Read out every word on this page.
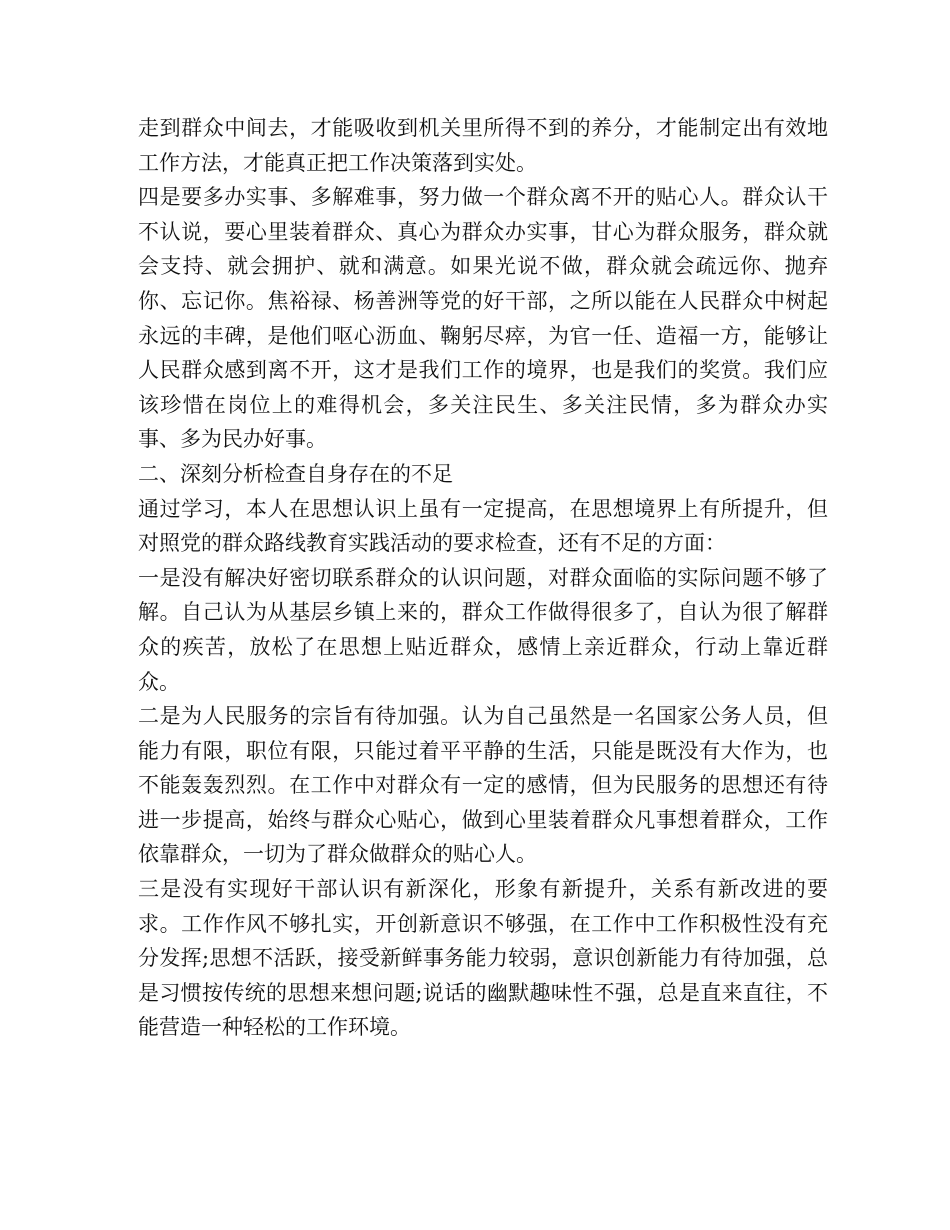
走到群众中间去，才能吸收到机关里所得不到的养分，才能制定出有效地工作方法，才能真正把工作决策落到实处。

四是要多办实事、多解难事，努力做一个群众离不开的贴心人。群众认干不认说，要心里装着群众、真心为群众办实事，甘心为群众服务，群众就会支持、就会拥护、就和满意。如果光说不做，群众就会疏远你、抛弃你、忘记你。焦裕禄、杨善洲等党的好干部，之所以能在人民群众中树起永远的丰碑，是他们呕心沥血、鞠躬尽瘁，为官一任、造福一方，能够让人民群众感到离不开，这才是我们工作的境界，也是我们的奖赏。我们应该珍惜在岗位上的难得机会，多关注民生、多关注民情，多为群众办实事、多为民办好事。

二、深刻分析检查自身存在的不足

通过学习，本人在思想认识上虽有一定提高，在思想境界上有所提升，但对照党的群众路线教育实践活动的要求检查，还有不足的方面：

一是没有解决好密切联系群众的认识问题，对群众面临的实际问题不够了解。自己认为从基层乡镇上来的，群众工作做得很多了，自认为很了解群众的疾苦，放松了在思想上贴近群众，感情上亲近群众，行动上靠近群众。

二是为人民服务的宗旨有待加强。认为自己虽然是一名国家公务人员，但能力有限，职位有限，只能过着平平静的生活，只能是既没有大作为，也不能轰轰烈烈。在工作中对群众有一定的感情，但为民服务的思想还有待进一步提高，始终与群众心贴心，做到心里装着群众凡事想着群众，工作依靠群众，一切为了群众做群众的贴心人。

三是没有实现好干部认识有新深化，形象有新提升，关系有新改进的要求。工作作风不够扎实，开创新意识不够强，在工作中工作积极性没有充分发挥;思想不活跃，接受新鲜事务能力较弱，意识创新能力有待加强，总是习惯按传统的思想来想问题;说话的幽默趣味性不强，总是直来直往，不能营造一种轻松的工作环境。
